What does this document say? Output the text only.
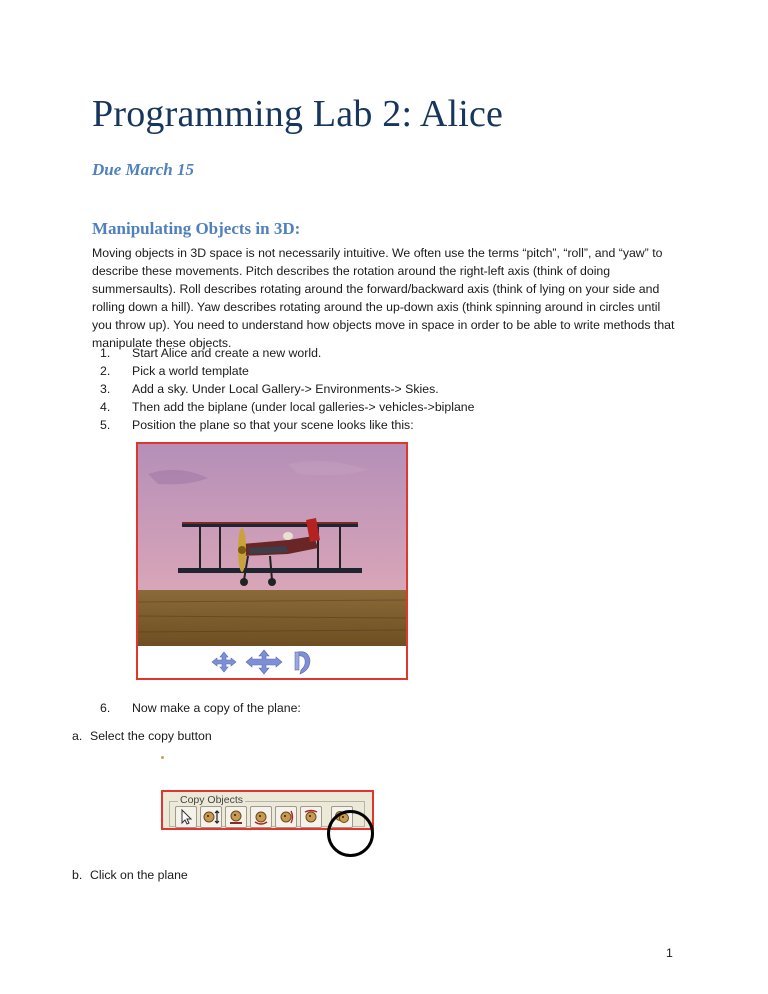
Programming Lab 2: Alice
Due March 15
Manipulating Objects in 3D:

Moving objects in 3D space is not necessarily intuitive. We often use the terms “pitch”, “roll”, and “yaw” to describe these movements. Pitch describes the rotation around the right-left axis (think of doing summersaults). Roll describes rotating around the forward/backward axis (think of lying on your side and rolling down a hill). Yaw describes rotating around the up-down axis (think spinning around in circles until you throw up). You need to understand how objects move in space in order to be able to write methods that manipulate these objects.

1. Start Alice and create a new world.
2. Pick a world template
3. Add a sky. Under Local Gallery-> Environments-> Skies.
4. Then add the biplane (under local galleries-> vehicles->biplane
5. Position the plane so that your scene looks like this:
6. Now make a copy of the plane:
a. Select the copy button
Copy Objects
b. Click on the plane
1
